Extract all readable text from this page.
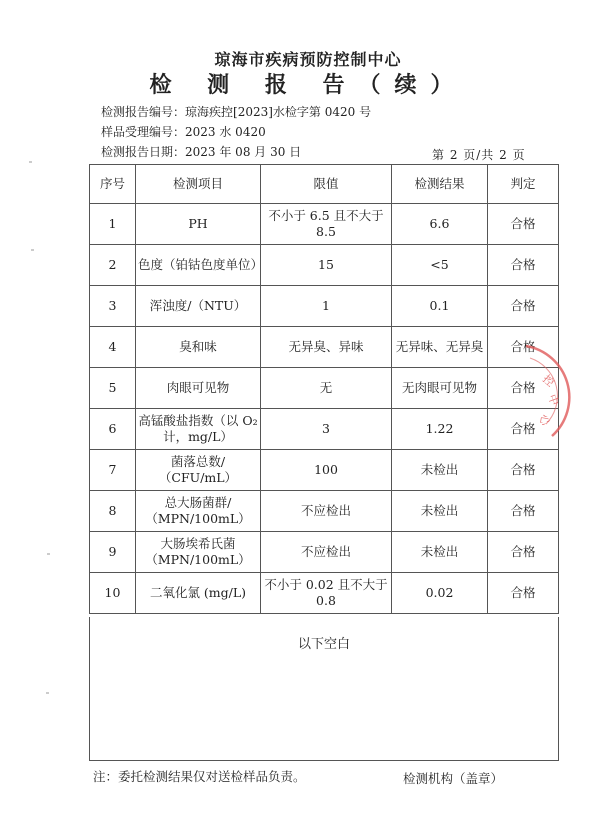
琼海市疾病预防控制中心
检 测 报 告（续）
检测报告编号：琼海疾控[2023]水检字第 0420 号
样品受理编号：2023 水 0420
检测报告日期：2023 年 08 月 30 日	第 2 页/共 2 页
序号	检测项目	限值	检测结果	判定
1	PH	不小于 6.5 且不大于 8.5	6.6	合格
2	色度（铂钴色度单位）	15	<5	合格
3	浑浊度/（NTU）	1	0.1	合格
4	臭和味	无异臭、异味	无异味、无异臭	合格
5	肉眼可见物	无	无肉眼可见物	合格
6	高锰酸盐指数（以 O₂计，mg/L）	3	1.22	合格
7	菌落总数/（CFU/mL）	100	未检出	合格
8	总大肠菌群/（MPN/100mL）	不应检出	未检出	合格
9	大肠埃希氏菌（MPN/100mL）	不应检出	未检出	合格
10	二氧化氯 (mg/L)	不小于 0.02 且不大于 0.8	0.02	合格
以下空白
注：委托检测结果仅对送检样品负责。	检测机构（盖章）
控
中
心
